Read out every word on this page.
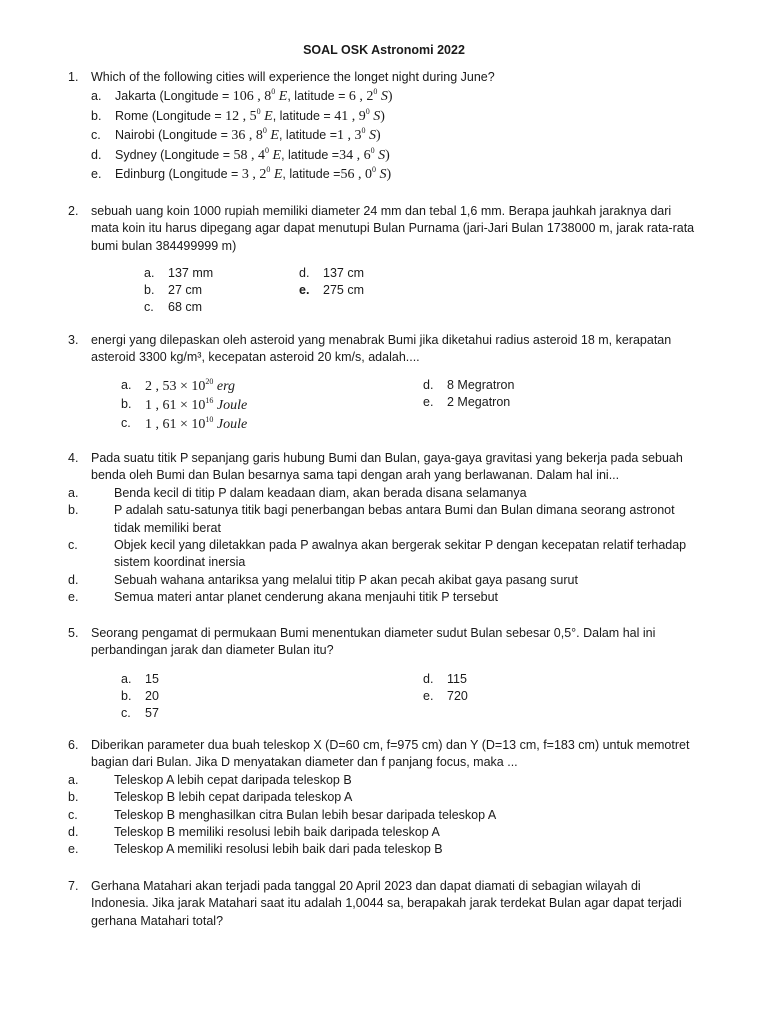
SOAL OSK Astronomi 2022
1. Which of the following cities will experience the longet night during June?
a. Jakarta (Longitude = 106 , $8^0$ E, latitude = 6 , $2^0$ S)
b. Rome (Longitude = 12 , $5^0$ E, latitude = 41 , $9^0$ S)
c. Nairobi (Longitude = 36 , $8^0$ E, latitude =1 , $3^0$ S)
d. Sydney (Longitude = 58 , $4^0$ E, latitude =34 , $6^0$ S)
e. Edinburg (Longitude = 3 , $2^0$ E, latitude =56 , $0^0$ S)
2. sebuah uang koin 1000 rupiah memiliki diameter 24 mm dan tebal 1,6 mm. Berapa jauhkah jaraknya dari mata koin itu harus dipegang agar dapat menutupi Bulan Purnama (jari-Jari Bulan 1738000 m, jarak rata-rata bumi bulan 384499999 m)
a. 137 mm
b. 27 cm
c. 68 cm
d. 137 cm
e. 275 cm
3. energi yang dilepaskan oleh asteroid yang menabrak Bumi jika diketahui radius asteroid 18 m, kerapatan asteroid 3300 kg/m³, kecepatan asteroid 20 km/s, adalah....
a. 2 , $53 \times 10^{20}$ erg
b. 1 , $61 \times 10^{16}$ Joule
c. 1 , $61 \times 10^{10}$ Joule
d. 8 Megratron
e. 2 Megatron
4. Pada suatu titik P sepanjang garis hubung Bumi dan Bulan, gaya-gaya gravitasi yang bekerja pada sebuah benda oleh Bumi dan Bulan besarnya sama tapi dengan arah yang berlawanan. Dalam hal ini...
a.	Benda kecil di titip P dalam keadaan diam, akan berada disana selamanya
b.	P adalah satu-satunya titik bagi penerbangan bebas antara Bumi dan Bulan dimana seorang astronot tidak memiliki berat
c.	Objek kecil yang diletakkan pada P awalnya akan bergerak sekitar P dengan kecepatan relatif terhadap sistem koordinat inersia
d.	Sebuah wahana antariksa yang melalui titip P akan pecah akibat gaya pasang surut
e.	Semua materi antar planet cenderung akana menjauhi titik P tersebut
5. Seorang pengamat di permukaan Bumi menentukan diameter sudut Bulan sebesar 0,5°. Dalam hal ini perbandingan jarak dan diameter Bulan itu?
a. 15
b. 20
c. 57
d. 115
e. 720
6. Diberikan parameter dua buah teleskop X (D=60 cm, f=975 cm) dan Y (D=13 cm, f=183 cm) untuk memotret bagian dari Bulan. Jika D menyatakan diameter dan f panjang focus, maka ...
a.	Teleskop A lebih cepat daripada teleskop B
b.	Teleskop B lebih cepat daripada teleskop A
c.	Teleskop B menghasilkan citra Bulan lebih besar daripada teleskop A
d.	Teleskop B memiliki resolusi lebih baik daripada teleskop A
e.	Teleskop A memiliki resolusi lebih baik dari pada teleskop B
7. Gerhana Matahari akan terjadi pada tanggal 20 April 2023 dan dapat diamati di sebagian wilayah di Indonesia. Jika jarak Matahari saat itu adalah 1,0044 sa, berapakah jarak terdekat Bulan agar dapat terjadi gerhana Matahari total?
